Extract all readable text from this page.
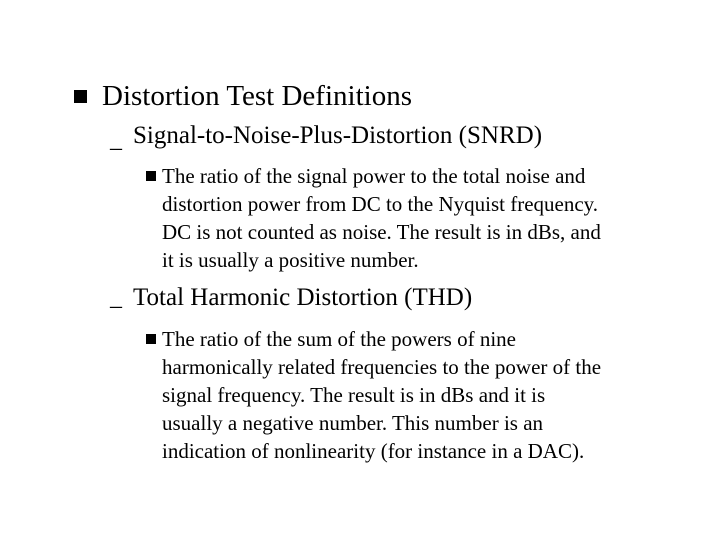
Distortion Test Definitions
– Signal-to-Noise-Plus-Distortion (SNRD)
The ratio of the signal power to the total noise and
distortion power from DC to the Nyquist frequency.
DC is not counted as noise. The result is in dBs, and
it is usually a positive number.
– Total Harmonic Distortion (THD)
The ratio of the sum of the powers of nine
harmonically related frequencies to the power of the
signal frequency. The result is in dBs and it is
usually a negative number. This number is an
indication of nonlinearity (for instance in a DAC).
